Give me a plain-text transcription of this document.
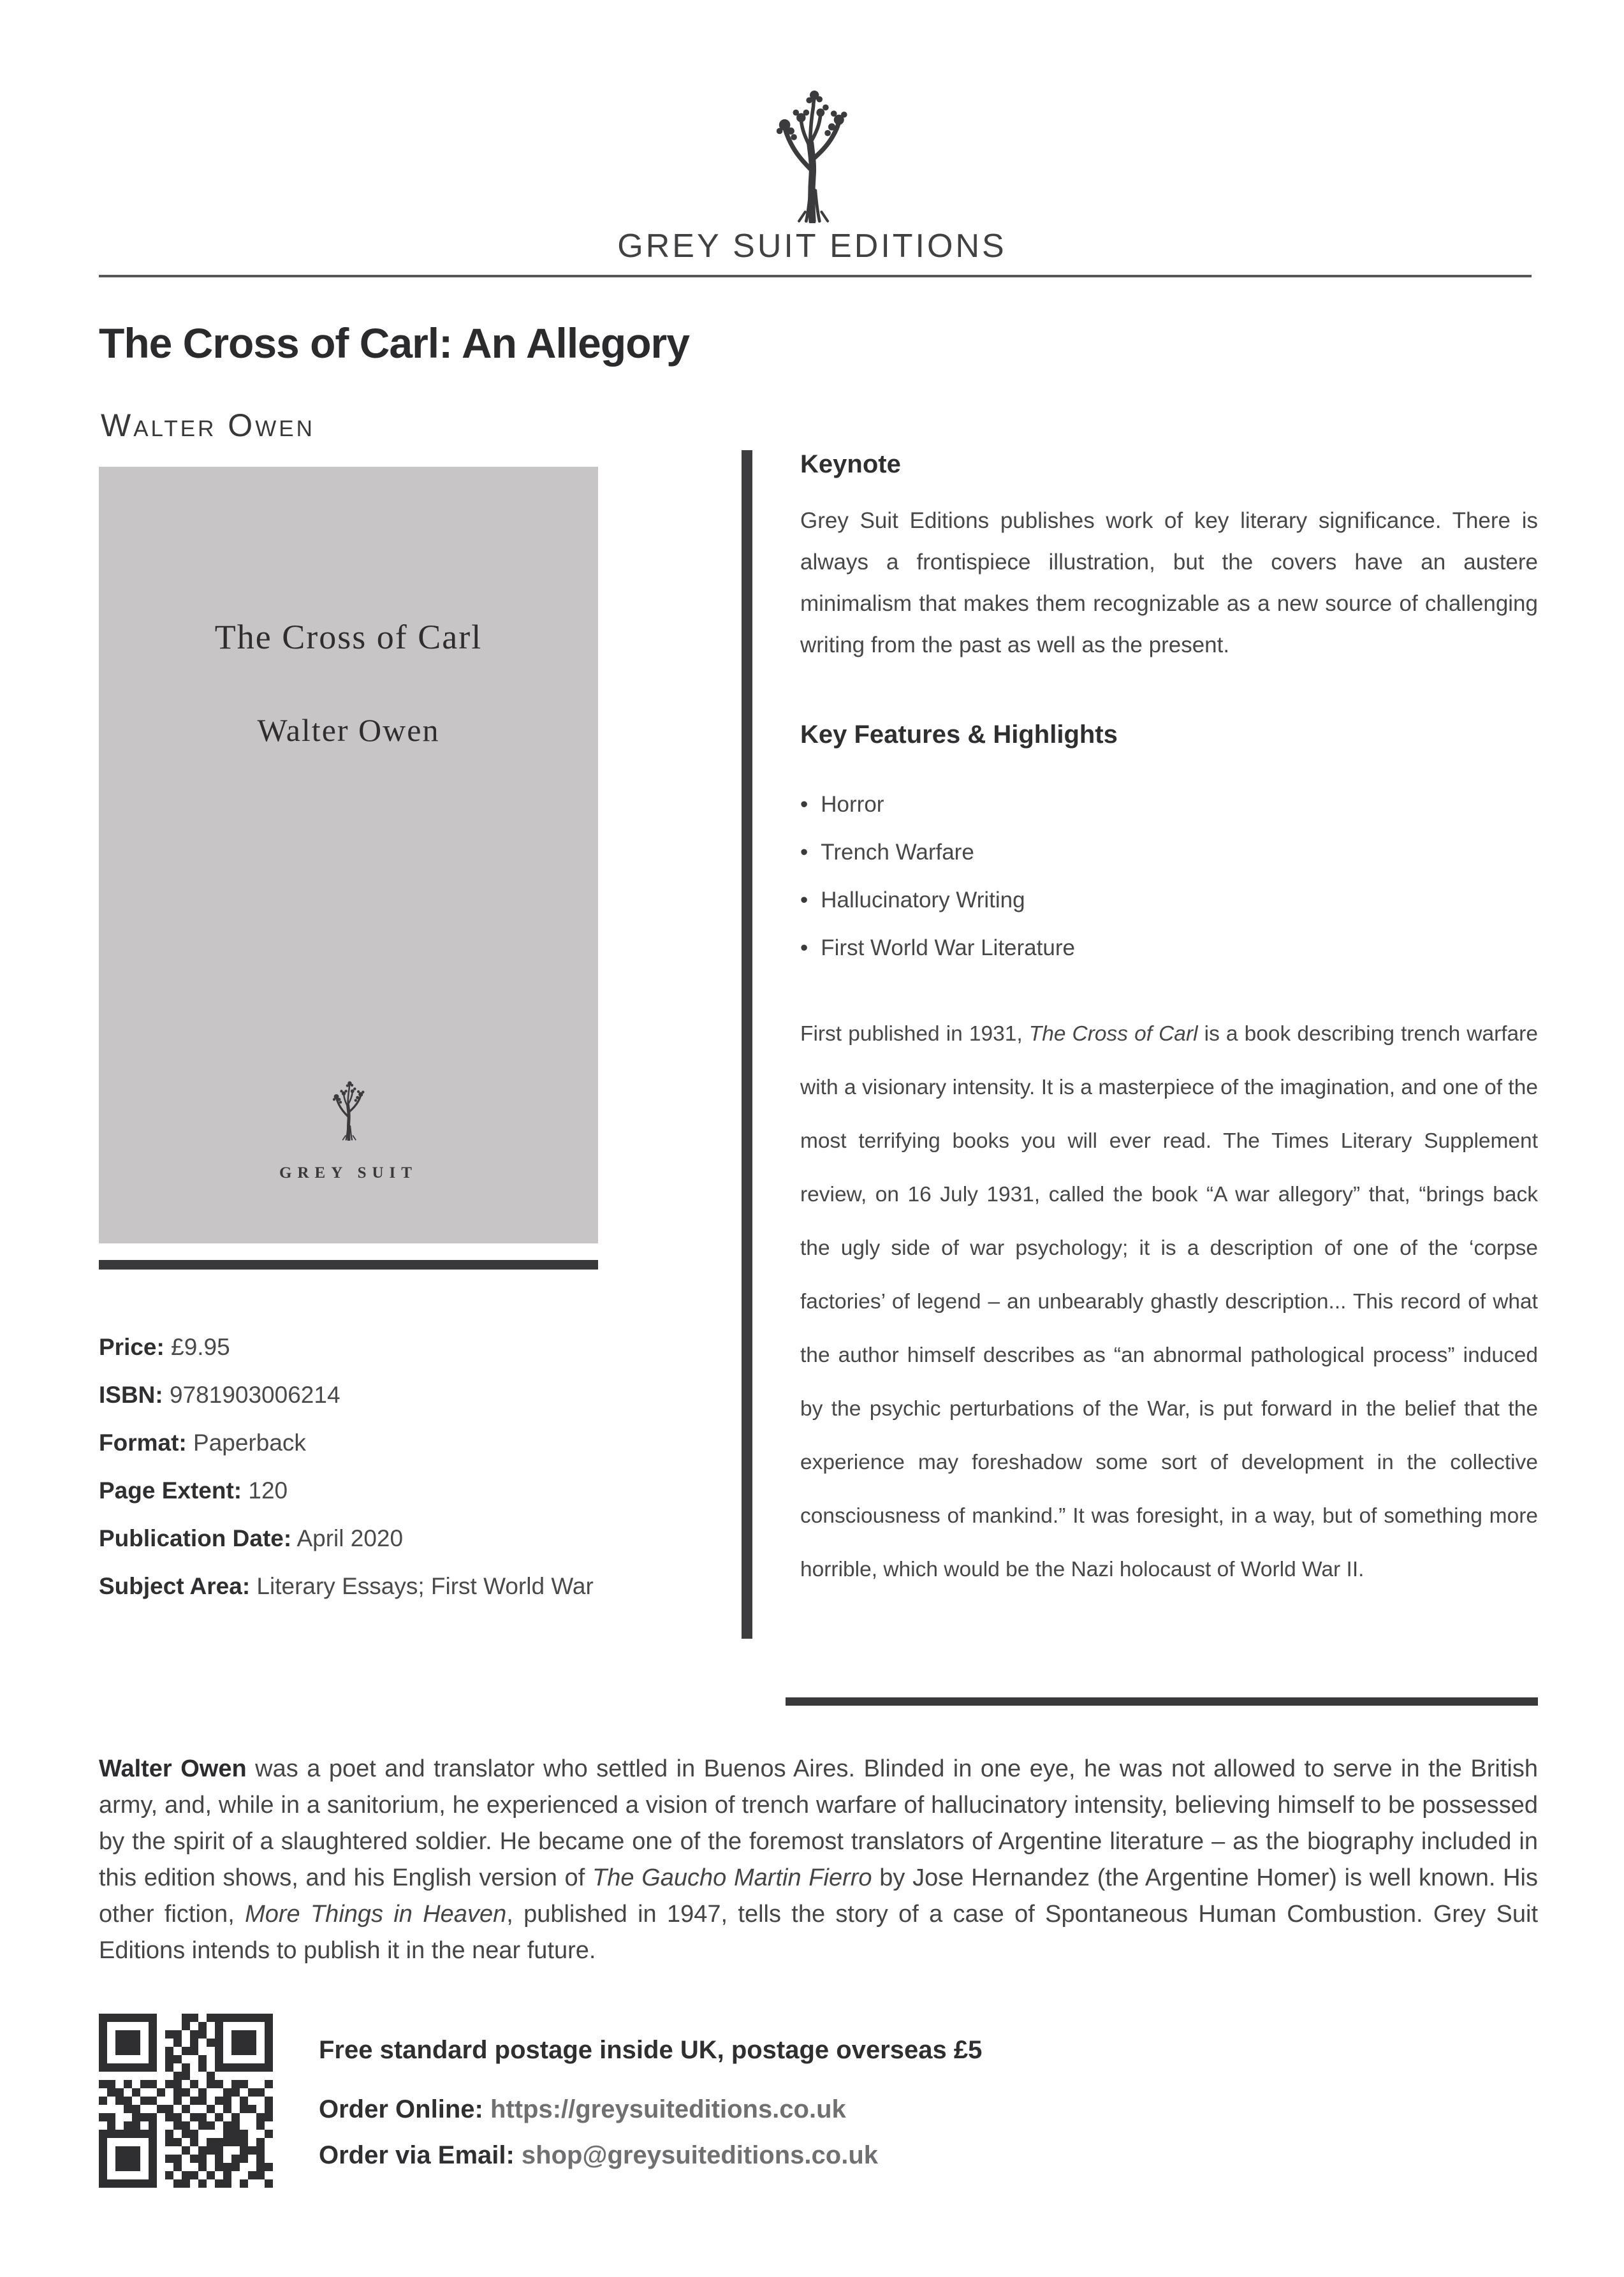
GREY SUIT EDITIONS
The Cross of Carl: An Allegory
Walter Owen
The Cross of Carl
Walter Owen
GREY SUIT
Price: £9.95
ISBN: 9781903006214
Format: Paperback
Page Extent: 120
Publication Date: April 2020
Subject Area: Literary Essays; First World War
Keynote

Grey Suit Editions publishes work of key literary significance. There is always a frontispiece illustration, but the covers have an austere minimalism that makes them recognizable as a new source of challenging writing from the past as well as the present.

Key Features & Highlights
• Horror
• Trench Warfare
• Hallucinatory Writing
• First World War Literature

First published in 1931, The Cross of Carl is a book describing trench warfare with a visionary intensity. It is a masterpiece of the imagination, and one of the most terrifying books you will ever read. The Times Literary Supplement review, on 16 July 1931, called the book “A war allegory” that, “brings back the ugly side of war psychology; it is a description of one of the ‘corpse factories’ of legend – an unbearably ghastly description... This record of what the author himself describes as “an abnormal pathological process” induced by the psychic perturbations of the War, is put forward in the belief that the experience may foreshadow some sort of development in the collective consciousness of mankind.” It was foresight, in a way, but of something more horrible, which would be the Nazi holocaust of World War II.

Walter Owen was a poet and translator who settled in Buenos Aires. Blinded in one eye, he was not allowed to serve in the British army, and, while in a sanitorium, he experienced a vision of trench warfare of hallucinatory intensity, believing himself to be possessed by the spirit of a slaughtered soldier. He became one of the foremost translators of Argentine literature – as the biography included in this edition shows, and his English version of The Gaucho Martin Fierro by Jose Hernandez (the Argentine Homer) is well known. His other fiction, More Things in Heaven, published in 1947, tells the story of a case of Spontaneous Human Combustion. Grey Suit Editions intends to publish it in the near future.

Free standard postage inside UK, postage overseas £5
Order Online: https://greysuiteditions.co.uk
Order via Email: shop@greysuiteditions.co.uk
